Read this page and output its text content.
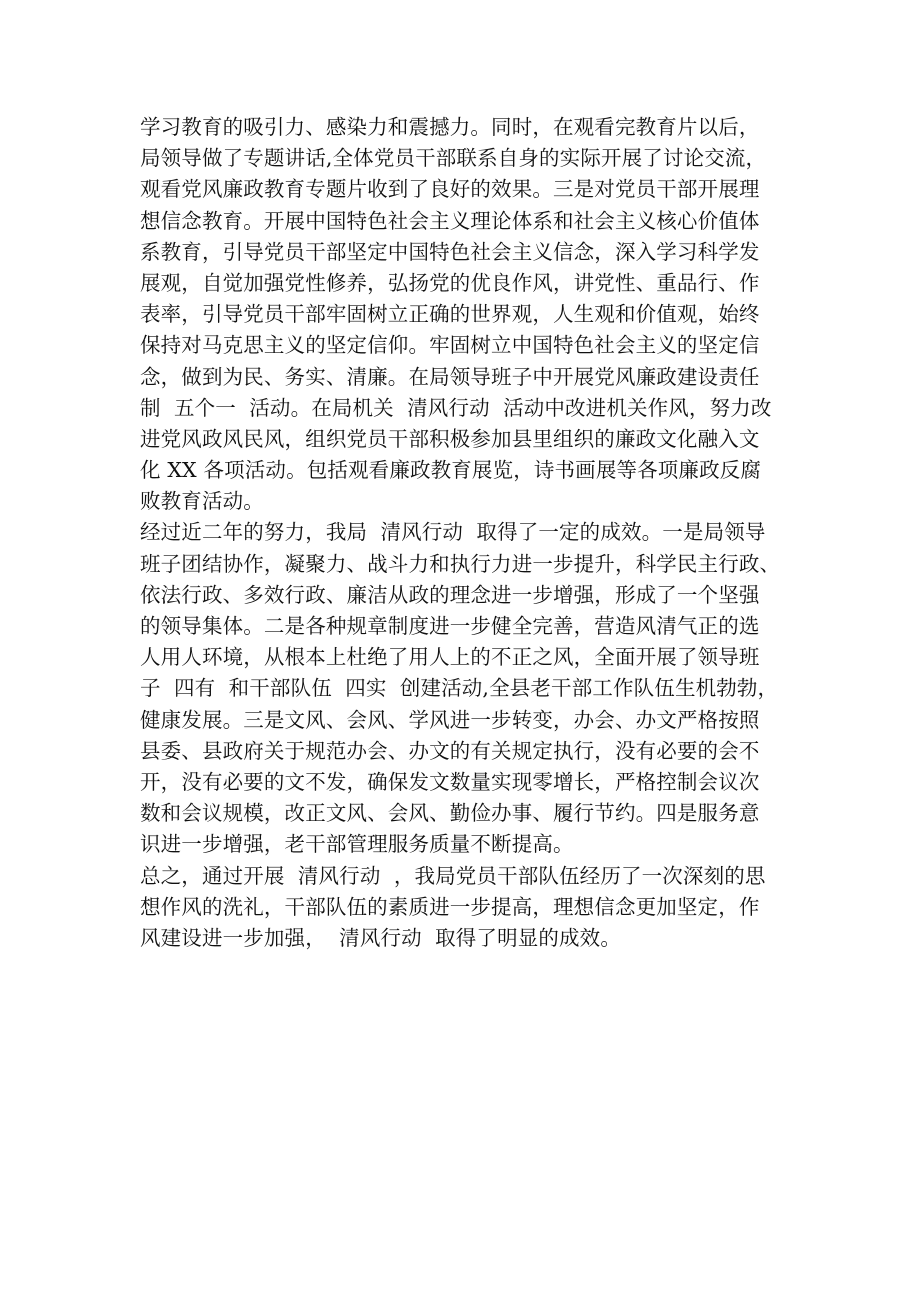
学习教育的吸引力、感染力和震撼力。同时，在观看完教育片以后，
局领导做了专题讲话,全体党员干部联系自身的实际开展了讨论交流，
观看党风廉政教育专题片收到了良好的效果。三是对党员干部开展理
想信念教育。开展中国特色社会主义理论体系和社会主义核心价值体
系教育，引导党员干部坚定中国特色社会主义信念，深入学习科学发
展观，自觉加强党性修养，弘扬党的优良作风，讲党性、重品行、作
表率，引导党员干部牢固树立正确的世界观，人生观和价值观，始终
保持对马克思主义的坚定信仰。牢固树立中国特色社会主义的坚定信
念，做到为民、务实、清廉。在局领导班子中开展党风廉政建设责任
制  五个一  活动。在局机关  清风行动  活动中改进机关作风，努力改
进党风政风民风，组织党员干部积极参加县里组织的廉政文化融入文
化 XX 各项活动。包括观看廉政教育展览，诗书画展等各项廉政反腐
败教育活动。
经过近二年的努力，我局  清风行动  取得了一定的成效。一是局领导
班子团结协作，凝聚力、战斗力和执行力进一步提升，科学民主行政、
依法行政、多效行政、廉洁从政的理念进一步增强，形成了一个坚强
的领导集体。二是各种规章制度进一步健全完善，营造风清气正的选
人用人环境，从根本上杜绝了用人上的不正之风，全面开展了领导班
子  四有  和干部队伍  四实  创建活动,全县老干部工作队伍生机勃勃，
健康发展。三是文风、会风、学风进一步转变，办会、办文严格按照
县委、县政府关于规范办会、办文的有关规定执行，没有必要的会不
开，没有必要的文不发，确保发文数量实现零增长，严格控制会议次
数和会议规模，改正文风、会风、勤俭办事、履行节约。四是服务意
识进一步增强，老干部管理服务质量不断提高。
总之，通过开展  清风行动  ，我局党员干部队伍经历了一次深刻的思
想作风的洗礼，干部队伍的素质进一步提高，理想信念更加坚定，作
风建设进一步加强，  清风行动  取得了明显的成效。
